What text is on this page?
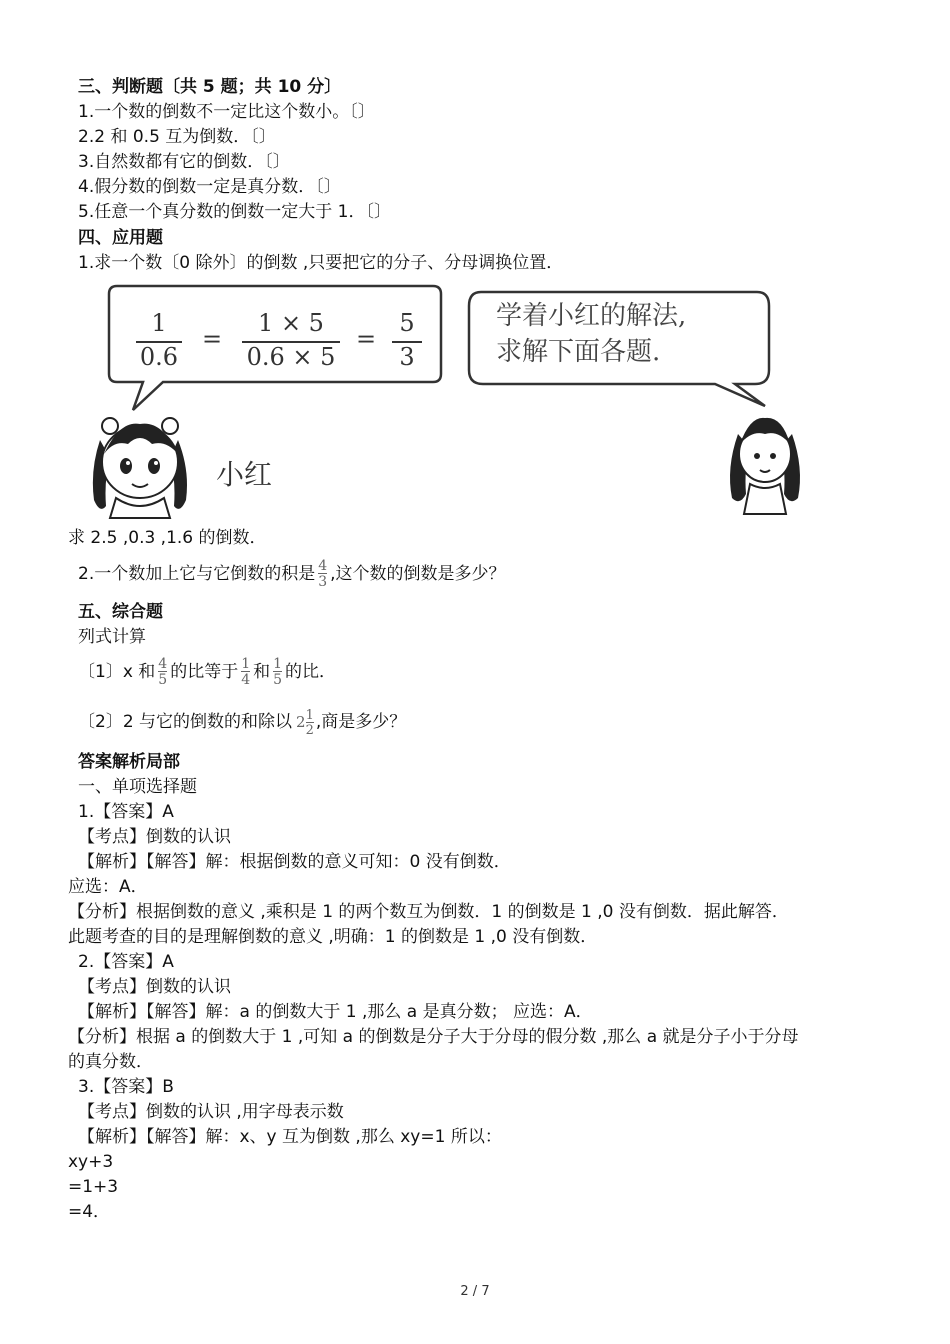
三、判断题〔共 5 题；共 10 分〕
1.一个数的倒数不一定比这个数小。〔〕
2.2 和 0.5 互为倒数．〔〕
3.自然数都有它的倒数．〔〕
4.假分数的倒数一定是真分数．〔〕
5.任意一个真分数的倒数一定大于 1．〔〕
四、应用题
1.求一个数〔0 除外〕的倒数 ,只要把它的分子、分母调换位置．
1
0.6
=
1 × 5
0.6 × 5
=
5
3
学着小红的解法,
求解下面各题.
小红
求 2.5 ,0.3 ,1.6 的倒数．
2.一个数加上它与它倒数的积是 $\frac{4}{3}$ ,这个数的倒数是多少？
五、综合题
列式计算
〔1〕x 和 $\frac{4}{5}$ 的比等于 $\frac{1}{4}$ 和 $\frac{1}{5}$ 的比．
〔2〕2 与它的倒数的和除以 $2 \frac{1}{2}$ ,商是多少？
答案解析局部
一、单项选择题
1.【答案】A
【考点】倒数的认识
【解析】【解答】解：根据倒数的意义可知：0 没有倒数．
应选：A．
【分析】根据倒数的意义 ,乘积是 1 的两个数互为倒数．1 的倒数是 1 ,0 没有倒数．据此解答．
此题考查的目的是理解倒数的意义 ,明确：1 的倒数是 1 ,0 没有倒数．
2.【答案】A
【考点】倒数的认识
【解析】【解答】解：a 的倒数大于 1 ,那么 a 是真分数； 应选：A．
【分析】根据 a 的倒数大于 1 ,可知 a 的倒数是分子大于分母的假分数 ,那么 a 就是分子小于分母
的真分数．
3.【答案】B
【考点】倒数的认识 ,用字母表示数
【解析】【解答】解：x、y 互为倒数 ,那么 xy=1 所以：
xy+3
=1+3
=4．
2 / 7
